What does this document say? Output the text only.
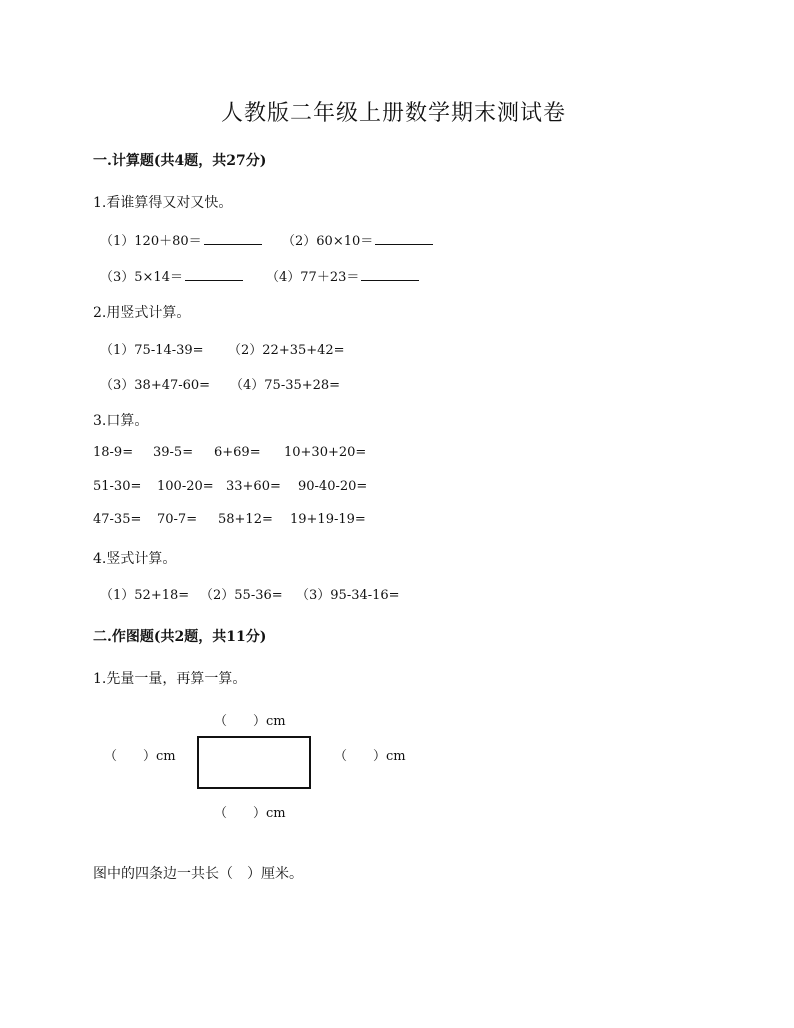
人教版二年级上册数学期末测试卷
一.计算题(共4题，共27分)
1.看谁算得又对又快。
（1）120＋80＝	（2）60×10＝
（3）5×14＝	（4）77＋23＝
2.用竖式计算。
（1）75-14-39= （2）22+35+42=
（3）38+47-60= （4）75-35+28=
3.口算。
18-9= 39-5= 6+69= 10+30+20=
51-30= 100-20= 33+60= 90-40-20=
47-35= 70-7= 58+12= 19+19-19=
4.竖式计算。
（1）52+18= （2）55-36= （3）95-34-16=
二.作图题(共2题，共11分)
1.先量一量，再算一算。
（　　）cm
（　　）cm	（　　）cm
（　　）cm
图中的四条边一共长（　）厘米。
